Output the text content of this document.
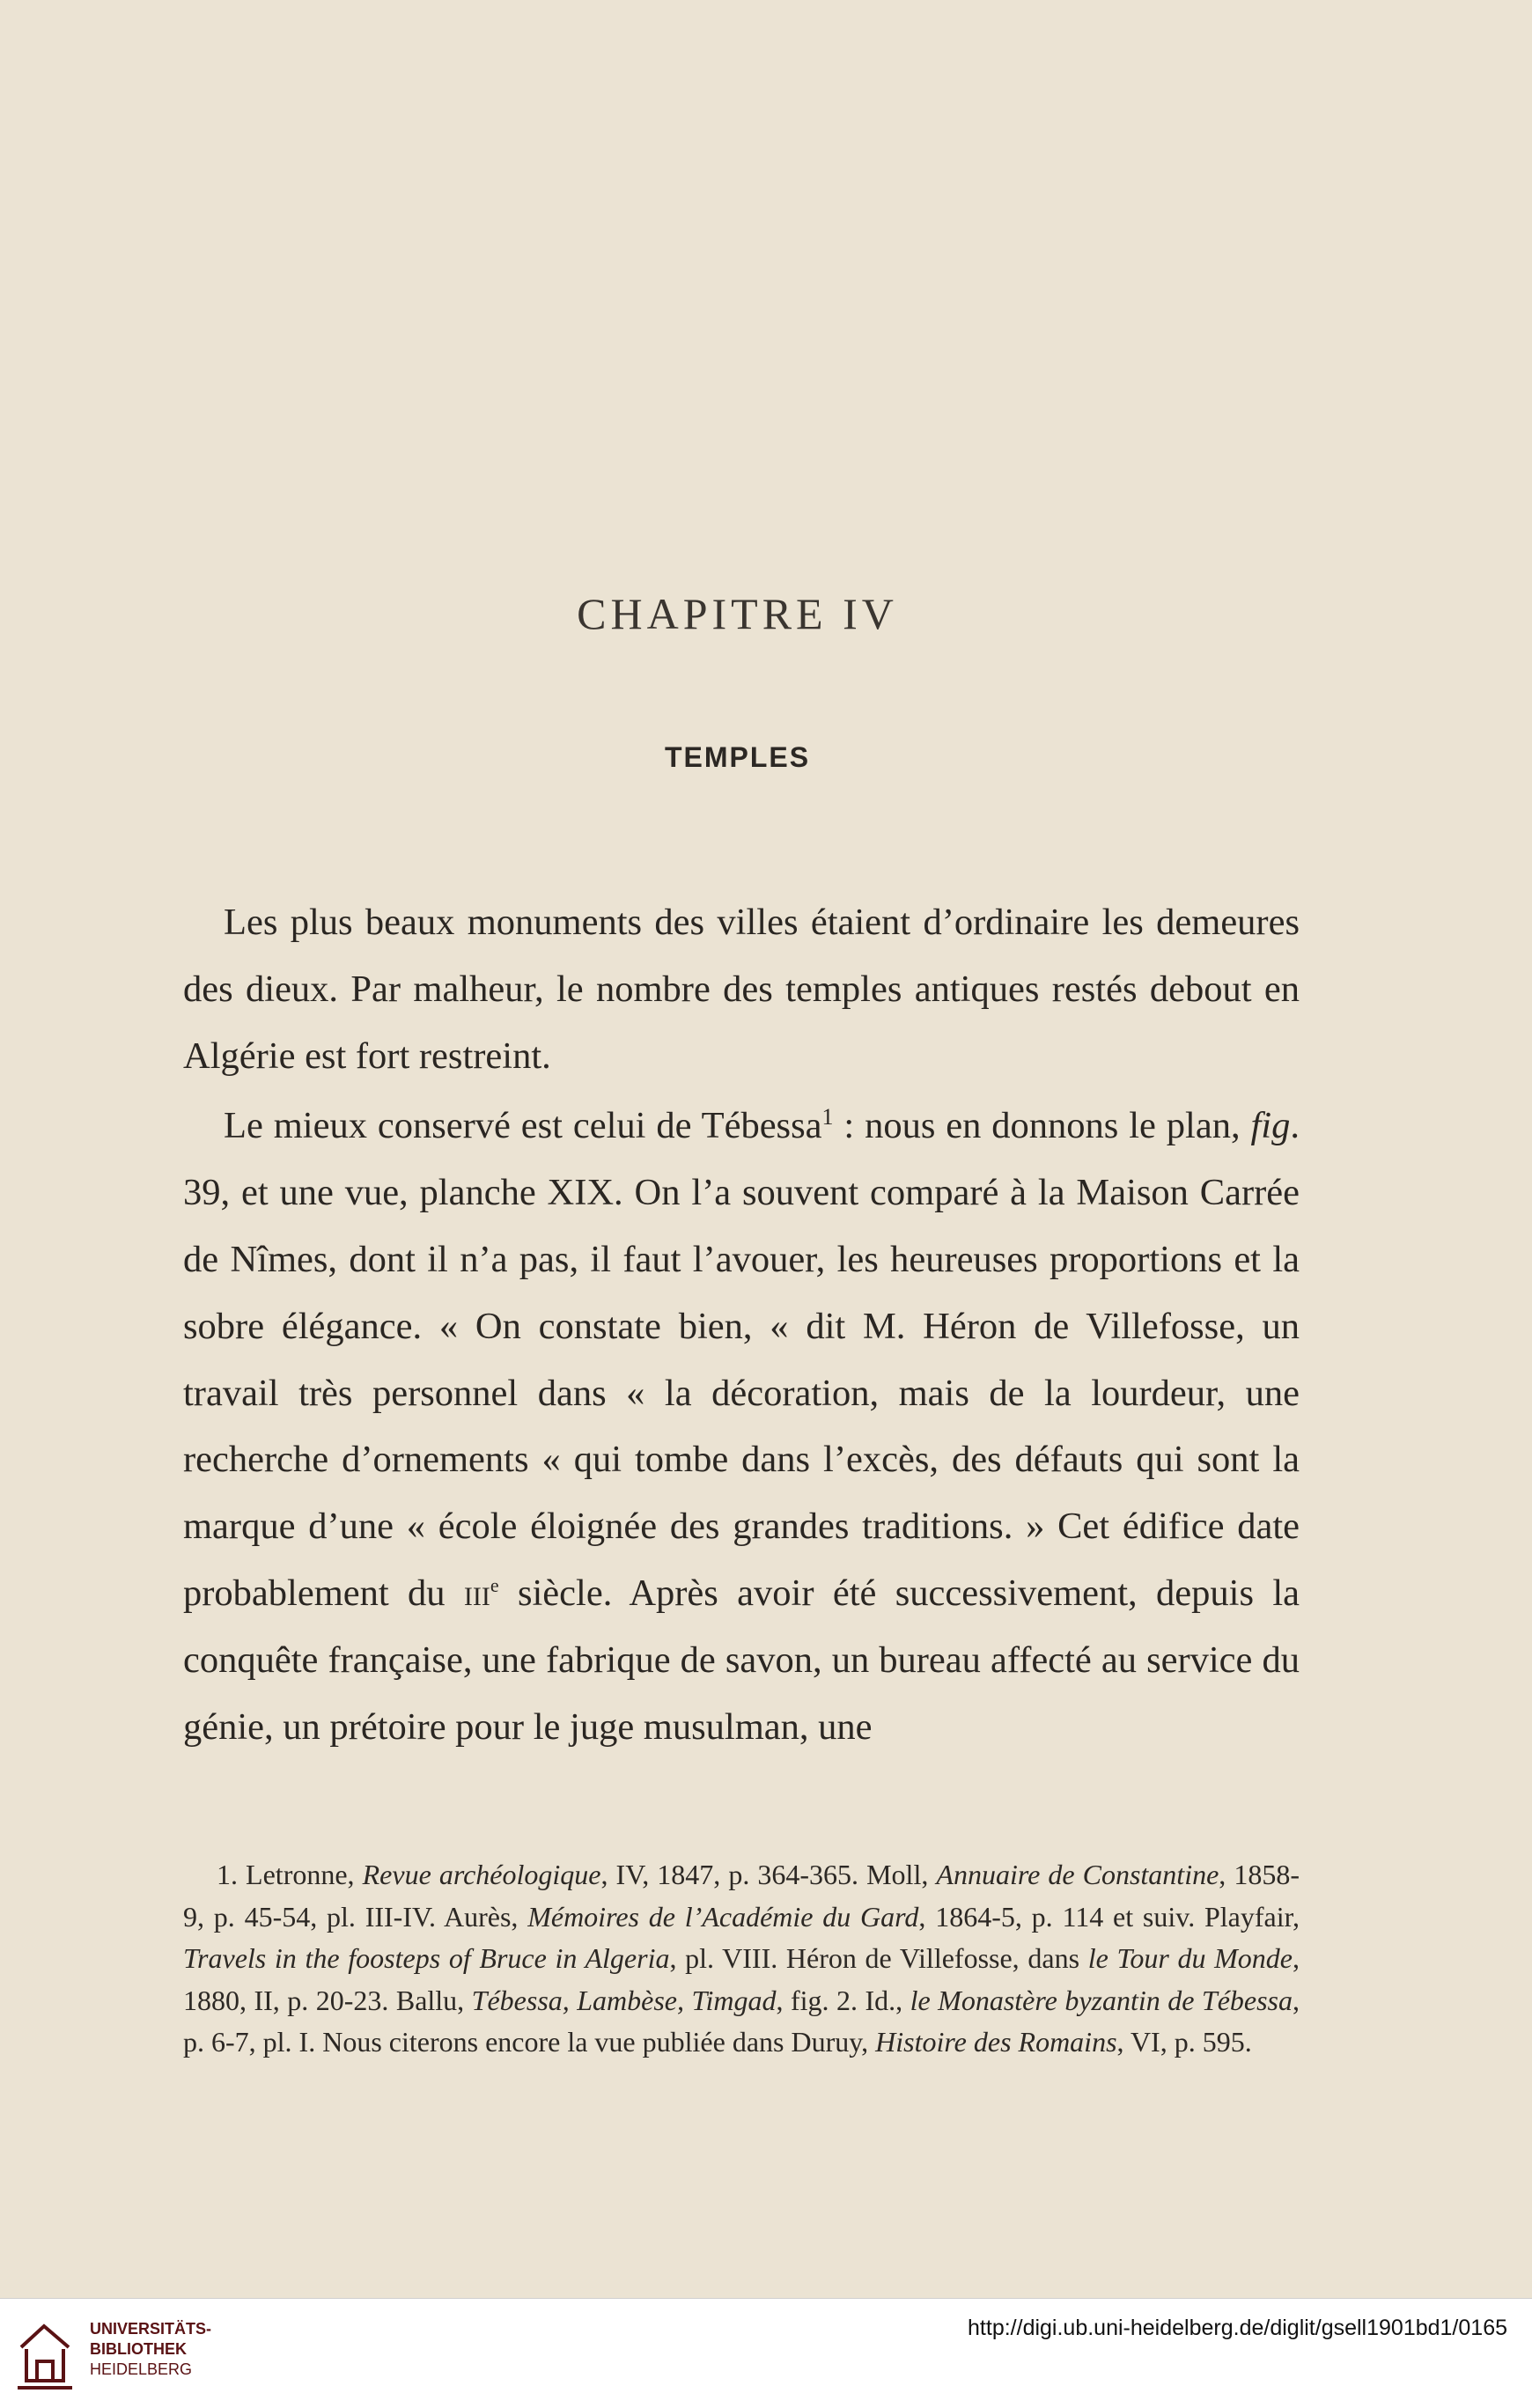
CHAPITRE IV
TEMPLES

Les plus beaux monuments des villes étaient d’ordinaire les demeures des dieux. Par malheur, le nombre des temples antiques restés debout en Algérie est fort restreint.

Le mieux conservé est celui de Tébessa$^1$ : nous en donnons le plan, fig. 39, et une vue, planche XIX. On l’a souvent comparé à la Maison Carrée de Nîmes, dont il n’a pas, il faut l’avouer, les heureuses proportions et la sobre élégance. « On constate bien, « dit M. Héron de Villefosse, un travail très personnel dans « la décoration, mais de la lourdeur, une recherche d’ornements « qui tombe dans l’excès, des défauts qui sont la marque d’une « école éloignée des grandes traditions. » Cet édifice date probablement du iii$^e$ siècle. Après avoir été successivement, depuis la conquête française, une fabrique de savon, un bureau affecté au service du génie, un prétoire pour le juge musulman, une

1. Letronne, Revue archéologique, IV, 1847, p. 364-365. Moll, Annuaire de Constantine, 1858-9, p. 45-54, pl. III-IV. Aurès, Mémoires de l’Académie du Gard, 1864-5, p. 114 et suiv. Playfair, Travels in the foosteps of Bruce in Algeria, pl. VIII. Héron de Villefosse, dans le Tour du Monde, 1880, II, p. 20-23. Ballu, Tébessa, Lambèse, Timgad, fig. 2. Id., le Monastère byzantin de Tébessa, p. 6-7, pl. I. Nous citerons encore la vue publiée dans Duruy, Histoire des Romains, VI, p. 595.
UNIVERSITÄTS-
BIBLIOTHEK
HEIDELBERG
http://digi.ub.uni-heidelberg.de/diglit/gsell1901bd1/0165
